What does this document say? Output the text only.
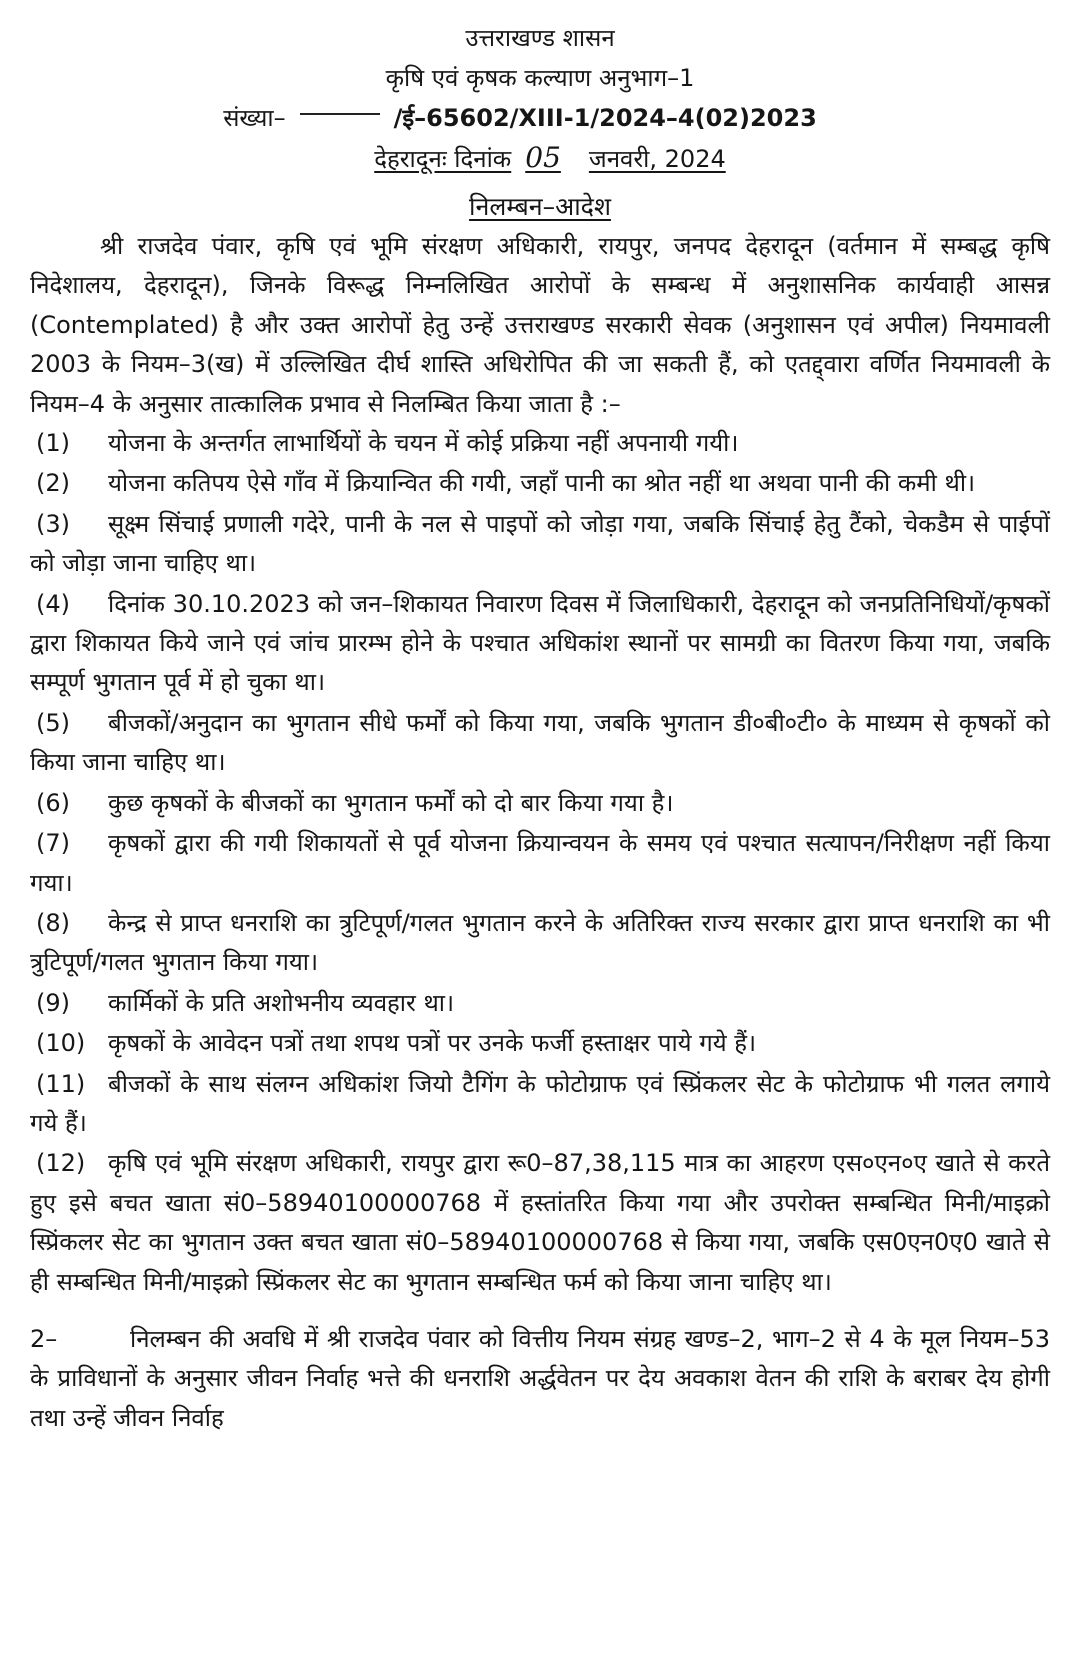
उत्तराखण्ड शासन
कृषि एवं कृषक कल्याण अनुभाग–1
संख्या–	/ई–65602/XIII-1/2024–4(02)2023
देहरादूनः दिनांक 05 जनवरी, 2024
निलम्बन–आदेश

श्री राजदेव पंवार, कृषि एवं भूमि संरक्षण अधिकारी, रायपुर, जनपद देहरादून (वर्तमान में सम्बद्ध कृषि निदेशालय, देहरादून), जिनके विरूद्ध निम्नलिखित आरोपों के सम्बन्ध में अनुशासनिक कार्यवाही आसन्न (Contemplated) है और उक्त आरोपों हेतु उन्हें उत्तराखण्ड सरकारी सेवक (अनुशासन एवं अपील) नियमावली 2003 के नियम–3(ख) में उल्लिखित दीर्घ शास्ति अधिरोपित की जा सकती हैं, को एतद्द्वारा वर्णित नियमावली के नियम–4 के अनुसार तात्कालिक प्रभाव से निलम्बित किया जाता है :–

(1) योजना के अन्तर्गत लाभार्थियों के चयन में कोई प्रक्रिया नहीं अपनायी गयी।
(2) योजना कतिपय ऐसे गाँव में क्रियान्वित की गयी, जहाँ पानी का श्रोत नहीं था अथवा पानी की कमी थी।
(3) सूक्ष्म सिंचाई प्रणाली गदेरे, पानी के नल से पाइपों को जोड़ा गया, जबकि सिंचाई हेतु टैंको, चेकडैम से पाईपों को जोड़ा जाना चाहिए था।
(4) दिनांक 30.10.2023 को जन–शिकायत निवारण दिवस में जिलाधिकारी, देहरादून को जनप्रतिनिधियों/कृषकों द्वारा शिकायत किये जाने एवं जांच प्रारम्भ होने के पश्चात अधिकांश स्थानों पर सामग्री का वितरण किया गया, जबकि सम्पूर्ण भुगतान पूर्व में हो चुका था।
(5) बीजकों/अनुदान का भुगतान सीधे फर्मों को किया गया, जबकि भुगतान डी०बी०टी० के माध्यम से कृषकों को किया जाना चाहिए था।
(6) कुछ कृषकों के बीजकों का भुगतान फर्मों को दो बार किया गया है।
(7) कृषकों द्वारा की गयी शिकायतों से पूर्व योजना क्रियान्वयन के समय एवं पश्चात सत्यापन/निरीक्षण नहीं किया गया।
(8) केन्द्र से प्राप्त धनराशि का त्रुटिपूर्ण/गलत भुगतान करने के अतिरिक्त राज्य सरकार द्वारा प्राप्त धनराशि का भी त्रुटिपूर्ण/गलत भुगतान किया गया।
(9) कार्मिकों के प्रति अशोभनीय व्यवहार था।
(10) कृषकों के आवेदन पत्रों तथा शपथ पत्रों पर उनके फर्जी हस्ताक्षर पाये गये हैं।
(11) बीजकों के साथ संलग्न अधिकांश जियो टैगिंग के फोटोग्राफ एवं स्प्रिंकलर सेट के फोटोग्राफ भी गलत लगाये गये हैं।
(12) कृषि एवं भूमि संरक्षण अधिकारी, रायपुर द्वारा रू0–87,38,115 मात्र का आहरण एस०एन०ए खाते से करते हुए इसे बचत खाता सं0–58940100000768 में हस्तांतरित किया गया और उपरोक्त सम्बन्धित मिनी/माइक्रो स्प्रिंकलर सेट का भुगतान उक्त बचत खाता सं0–58940100000768 से किया गया, जबकि एस0एन0ए0 खाते से ही सम्बन्धित मिनी/माइक्रो स्प्रिंकलर सेट का भुगतान सम्बन्धित फर्म को किया जाना चाहिए था।

2–	निलम्बन की अवधि में श्री राजदेव पंवार को वित्तीय नियम संग्रह खण्ड–2, भाग–2 से 4 के मूल नियम–53 के प्राविधानों के अनुसार जीवन निर्वाह भत्ते की धनराशि अर्द्धवेतन पर देय अवकाश वेतन की राशि के बराबर देय होगी तथा उन्हें जीवन निर्वाह
